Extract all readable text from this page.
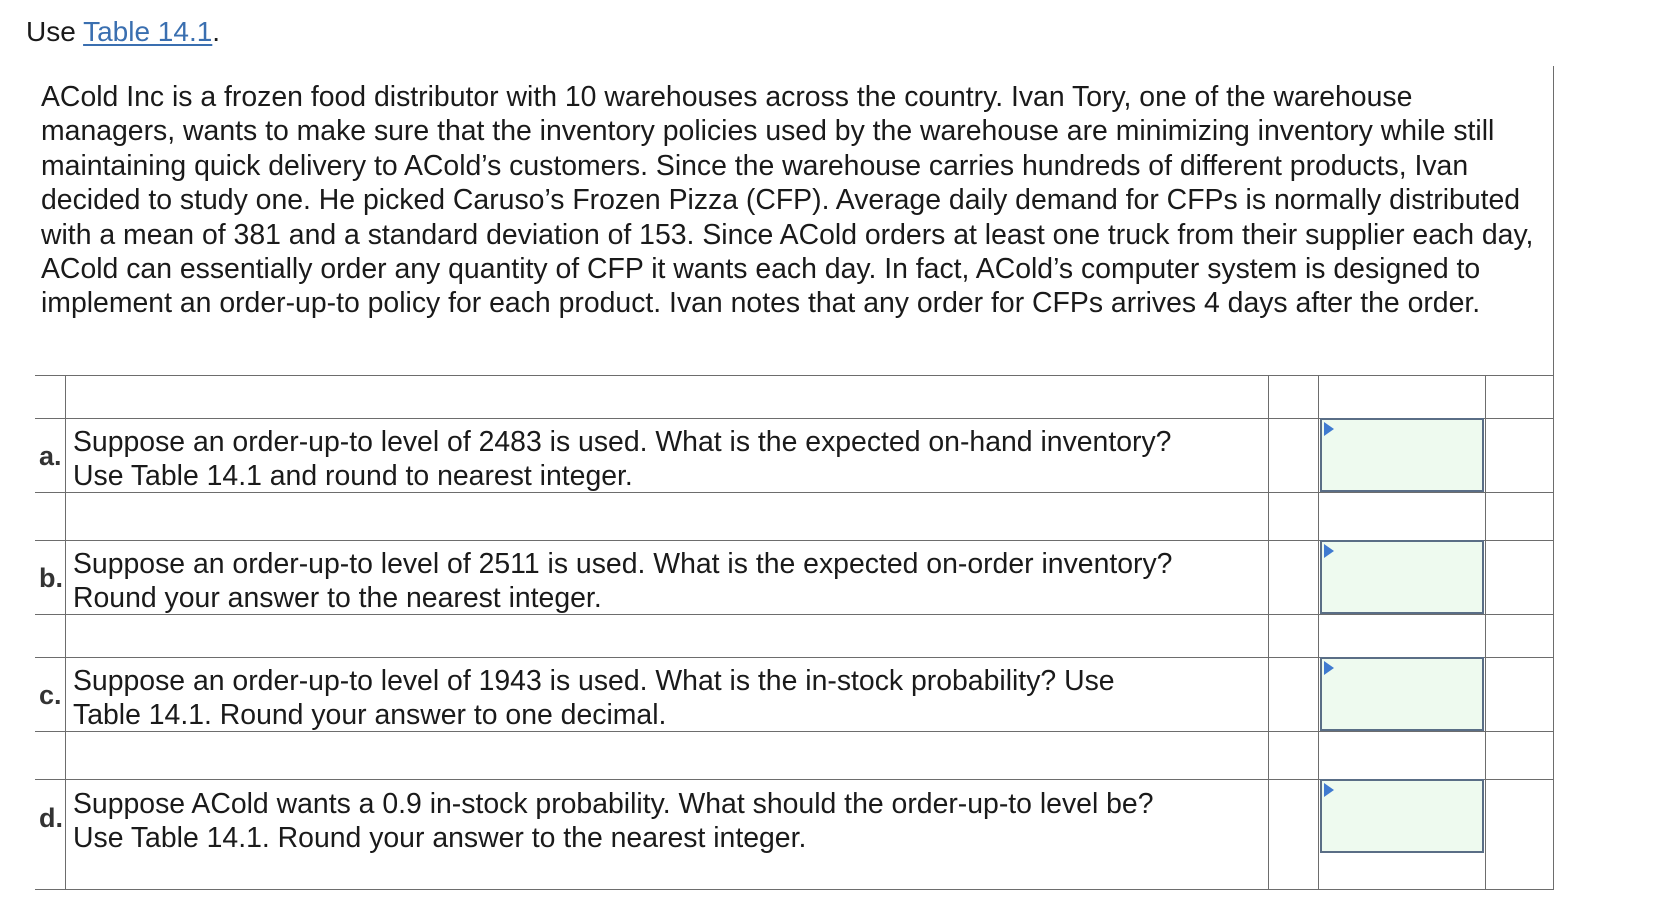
Use Table 14.1.

ACold Inc is a frozen food distributor with 10 warehouses across the country. Ivan Tory, one of the warehouse managers, wants to make sure that the inventory policies used by the warehouse are minimizing inventory while still maintaining quick delivery to ACold’s customers. Since the warehouse carries hundreds of different products, Ivan decided to study one. He picked Caruso’s Frozen Pizza (CFP). Average daily demand for CFPs is normally distributed with a mean of 381 and a standard deviation of 153. Since ACold orders at least one truck from their supplier each day, ACold can essentially order any quantity of CFP it wants each day. In fact, ACold’s computer system is designed to implement an order-up-to policy for each product. Ivan notes that any order for CFPs arrives 4 days after the order.

a. Suppose an order-up-to level of 2483 is used. What is the expected on-hand inventory?
Use Table 14.1 and round to nearest integer.
b. Suppose an order-up-to level of 2511 is used. What is the expected on-order inventory?
Round your answer to the nearest integer.
c. Suppose an order-up-to level of 1943 is used. What is the in-stock probability? Use
Table 14.1. Round your answer to one decimal.
d. Suppose ACold wants a 0.9 in-stock probability. What should the order-up-to level be?
Use Table 14.1. Round your answer to the nearest integer.
